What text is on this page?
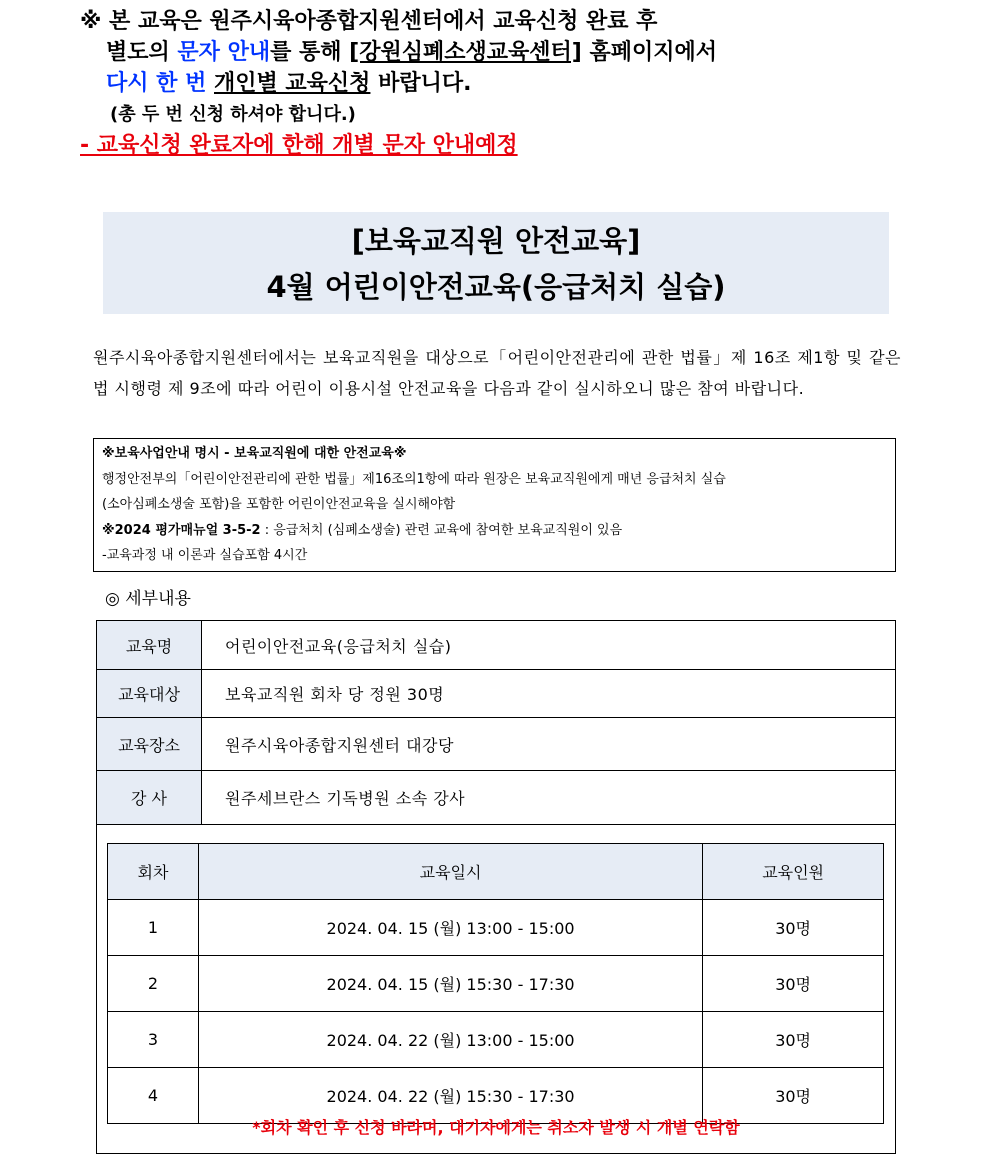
※ 본 교육은 원주시육아종합지원센터에서 교육신청 완료 후
별도의 문자 안내를 통해 [강원심폐소생교육센터] 홈페이지에서
다시 한 번 개인별 교육신청 바랍니다.
(총 두 번 신청 하셔야 합니다.)
- 교육신청 완료자에 한해 개별 문자 안내예정
[보육교직원 안전교육]
4월 어린이안전교육(응급처치 실습)
원주시육아종합지원센터에서는 보육교직원을 대상으로「어린이안전관리에 관한 법률」제 16조 제1항 및 같은 법 시행령 제 9조에 따라 어린이 이용시설 안전교육을 다음과 같이 실시하오니 많은 참여 바랍니다.
※보육사업안내 명시 - 보육교직원에 대한 안전교육※
행정안전부의「어린이안전관리에 관한 법률」제16조의1항에 따라 원장은 보육교직원에게 매년 응급처치 실습
(소아심폐소생술 포함)을 포함한 어린이안전교육을 실시해야함
※2024 평가매뉴얼 3-5-2 : 응급처치 (심폐소생술) 관련 교육에 참여한 보육교직원이 있음
-교육과정 내 이론과 실습포함 4시간
◎ 세부내용
교육명	어린이안전교육(응급처치 실습)
교육대상	보육교직원 회차 당 정원 30명
교육장소	원주시육아종합지원센터 대강당
강 사	원주세브란스 기독병원 소속 강사
회차	교육일시	교육인원
1	2024. 04. 15 (월) 13:00 - 15:00	30명
2	2024. 04. 15 (월) 15:30 - 17:30	30명
3	2024. 04. 22 (월) 13:00 - 15:00	30명
4	2024. 04. 22 (월) 15:30 - 17:30	30명
*회차 확인 후 신청 바라며, 대기자에게는 취소자 발생 시 개별 연락함
